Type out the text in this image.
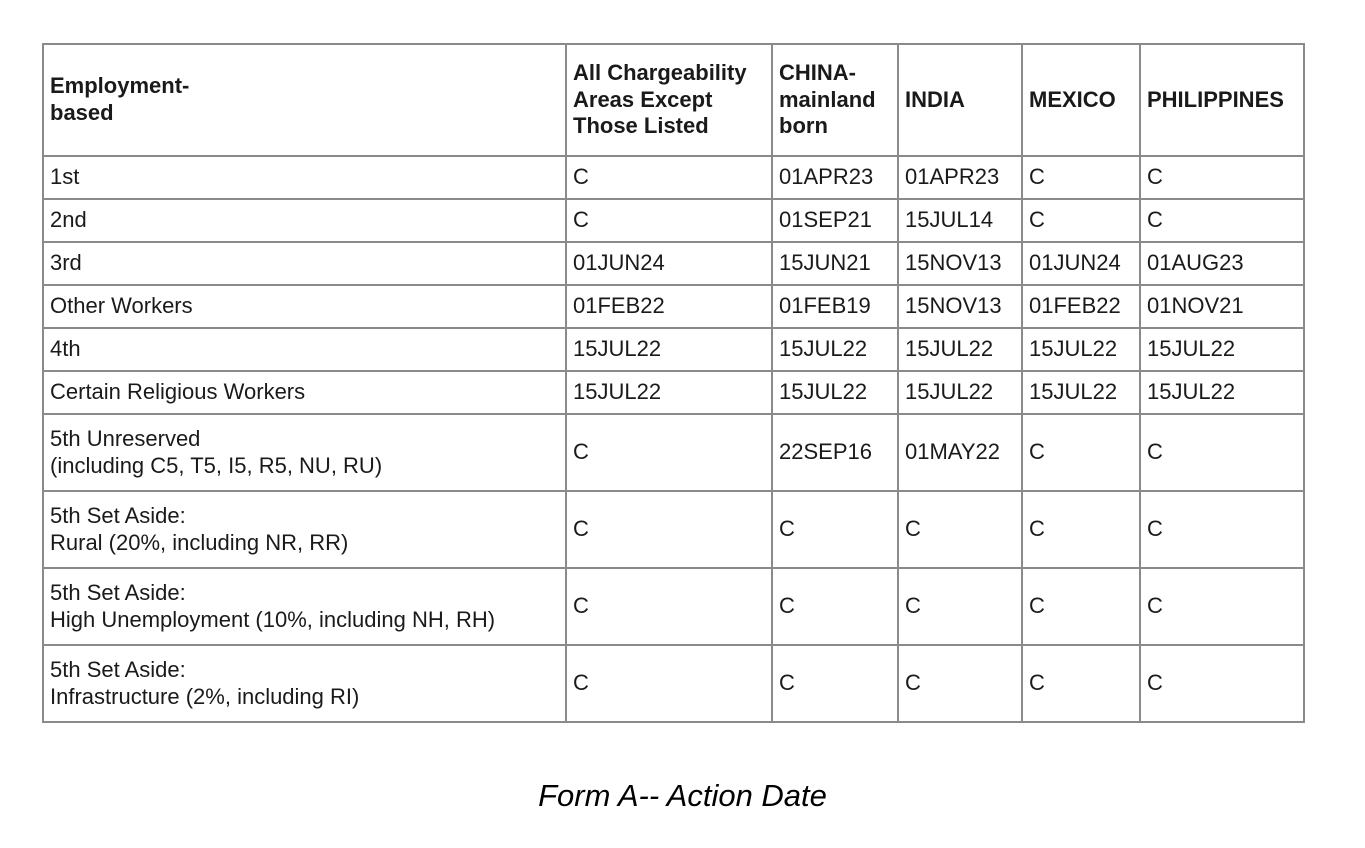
Employment-
based	All Chargeability
Areas Except
Those Listed	CHINA-
mainland
born	INDIA	MEXICO	PHILIPPINES

1st	C	01APR23	01APR23	C	C

2nd	C	01SEP21	15JUL14	C	C

3rd	01JUN24	15JUN21	15NOV13	01JUN24	01AUG23

Other Workers	01FEB22	01FEB19	15NOV13	01FEB22	01NOV21

4th	15JUL22	15JUL22	15JUL22	15JUL22	15JUL22

Certain Religious Workers	15JUL22	15JUL22	15JUL22	15JUL22	15JUL22

5th Unreserved
(including C5, T5, I5, R5, NU, RU)	C	22SEP16	01MAY22	C	C

5th Set Aside:
Rural (20%, including NR, RR)	C	C	C	C	C

5th Set Aside:
High Unemployment (10%, including NH, RH)	C	C	C	C	C

5th Set Aside:
Infrastructure (2%, including RI)	C	C	C	C	C
Form A-- Action Date
